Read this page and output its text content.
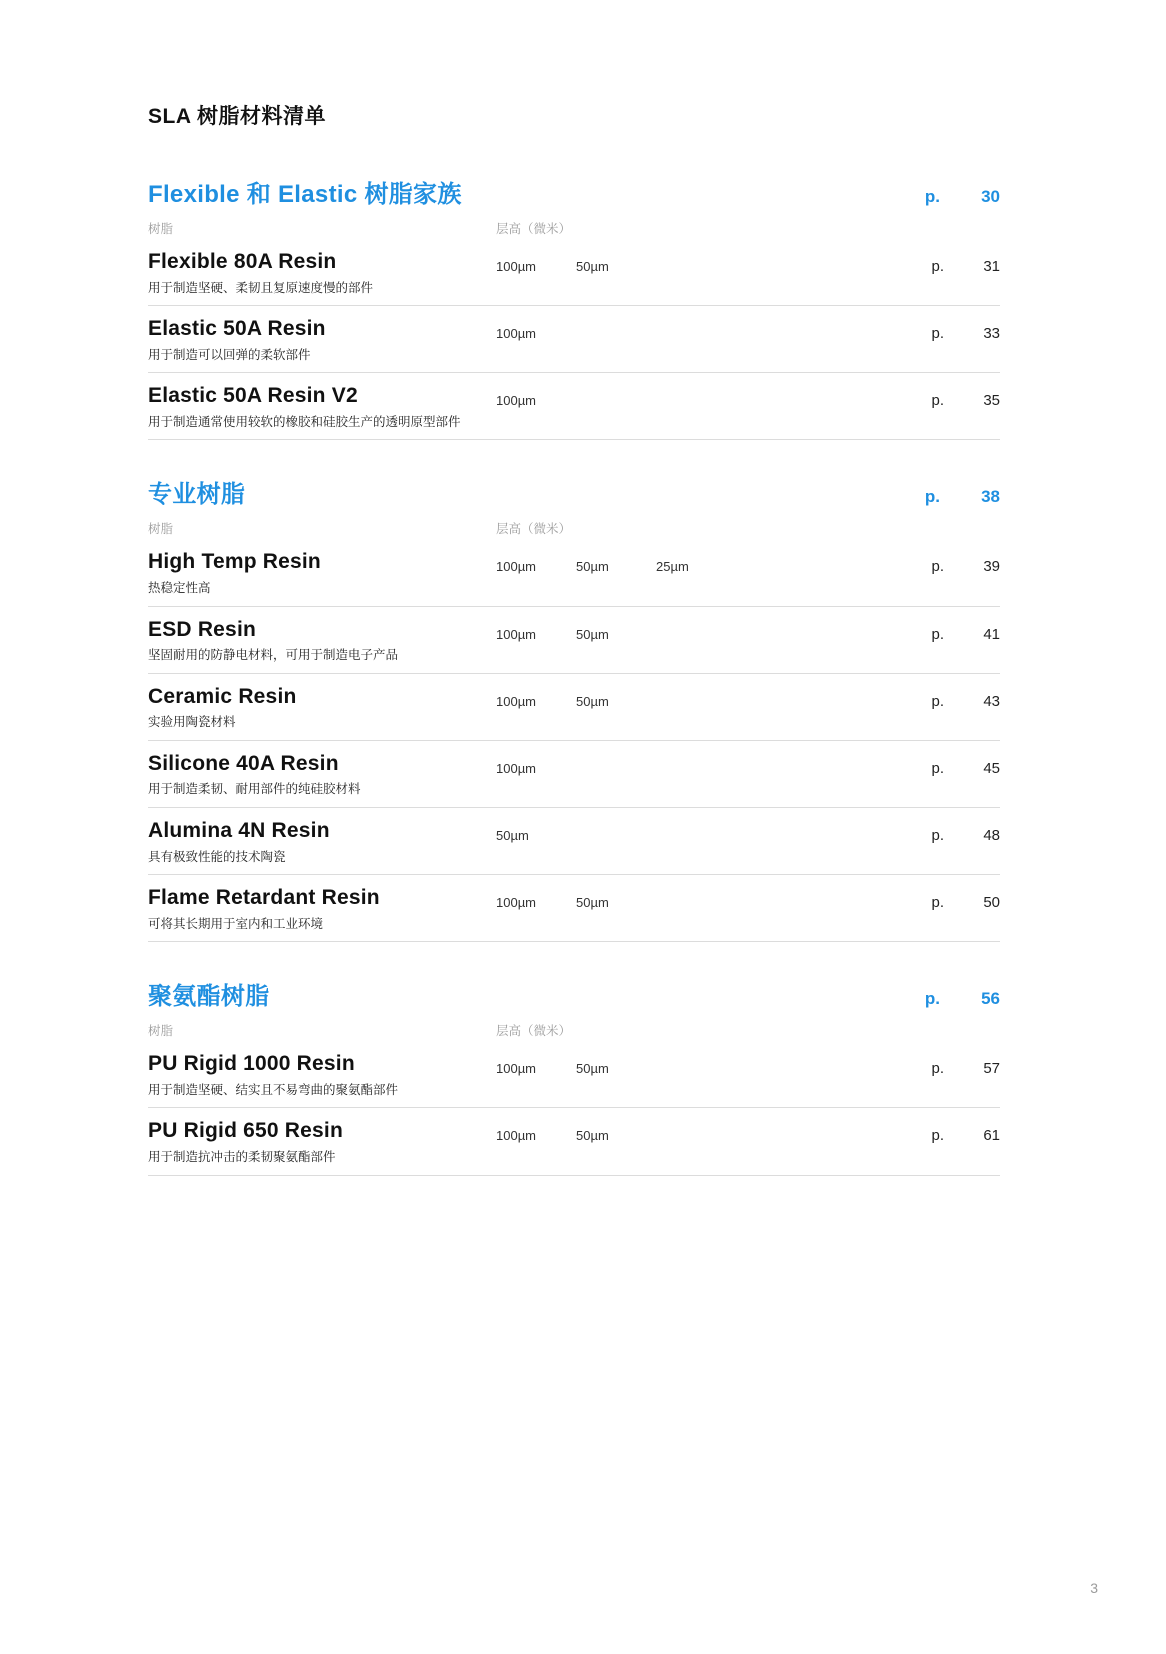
SLA 树脂材料清单
Flexible 和 Elastic 树脂家族	p.	30
树脂	层高（微米）
Flexible 80A Resin
用于制造坚硬、柔韧且复原速度慢的部件
100µm	50µm	p.	31
Elastic 50A Resin
用于制造可以回弹的柔软部件
100µm	p.	33
Elastic 50A Resin V2
用于制造通常使用较软的橡胶和硅胶生产的透明原型部件
100µm	p.	35
专业树脂	p.	38
树脂	层高（微米）
High Temp Resin
热稳定性高
100µm	50µm	25µm	p.	39
ESD Resin
坚固耐用的防静电材料，可用于制造电子产品
100µm	50µm	p.	41
Ceramic Resin
实验用陶瓷材料
100µm	50µm	p.	43
Silicone 40A Resin
用于制造柔韧、耐用部件的纯硅胶材料
100µm	p.	45
Alumina 4N Resin
具有极致性能的技术陶瓷
50µm	p.	48
Flame Retardant Resin
可将其长期用于室内和工业环境
100µm	50µm	p.	50
聚氨酯树脂	p.	56
树脂	层高（微米）
PU Rigid 1000 Resin
用于制造坚硬、结实且不易弯曲的聚氨酯部件
100µm	50µm	p.	57
PU Rigid 650 Resin
用于制造抗冲击的柔韧聚氨酯部件
100µm	50µm	p.	61
3
